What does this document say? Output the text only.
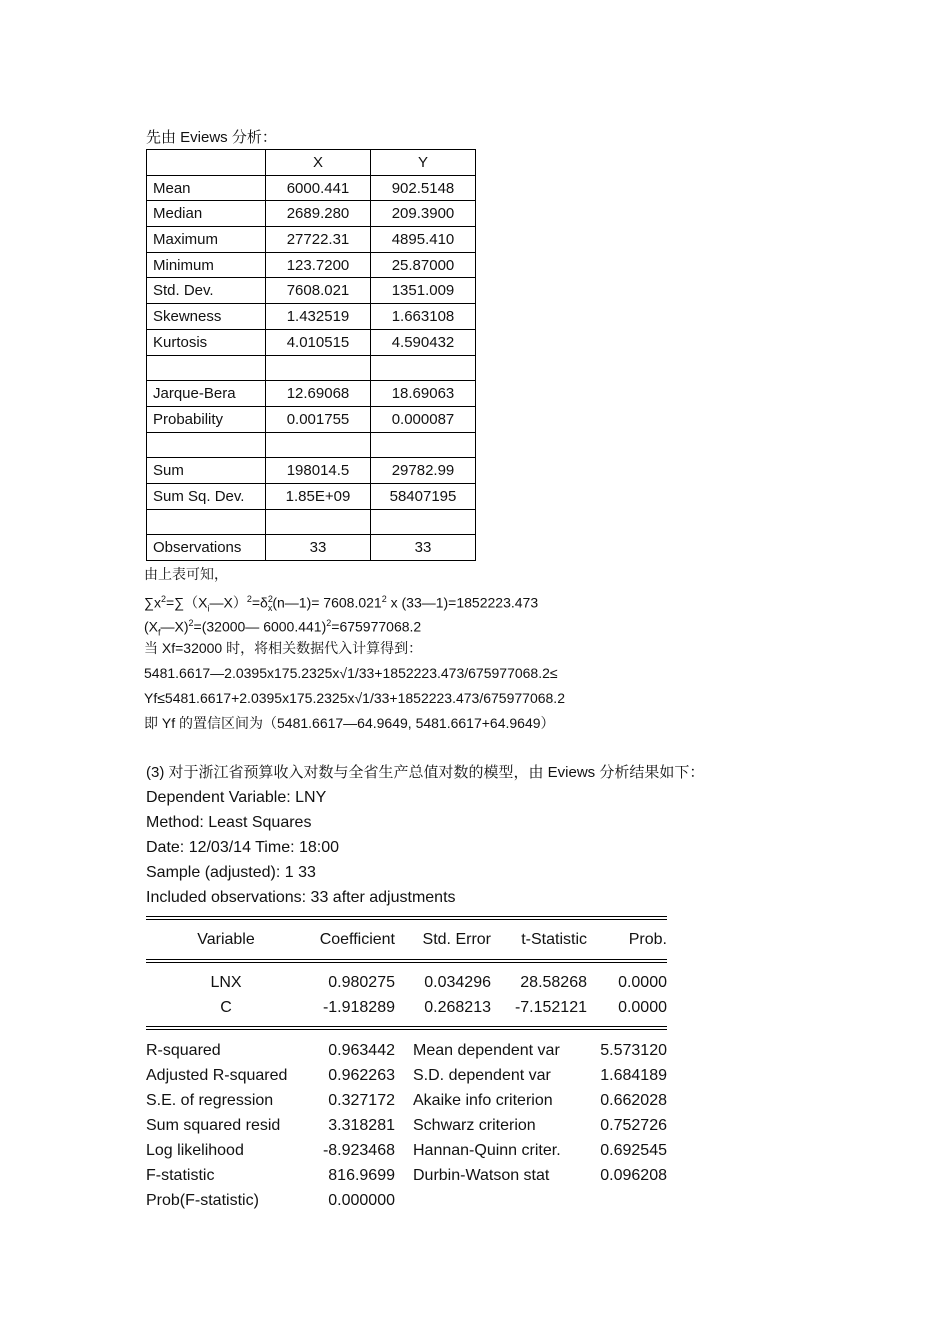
先由 Eviews 分析：
	X	Y
Mean	6000.441	902.5148
Median	2689.280	209.3900
Maximum	27722.31	4895.410
Minimum	123.7200	25.87000
Std. Dev.	7608.021	1351.009
Skewness	1.432519	1.663108
Kurtosis	4.010515	4.590432

Jarque-Bera	12.69068	18.69063
Probability	0.001755	0.000087

Sum	198014.5	29782.99
Sum Sq. Dev.	1.85E+09	58407195

Observations	33	33
由上表可知，
$\sum x^2=\sum(X_i—X)^2=\delta^2_x(n—1)= 7608.021^2$ x (33—1)=1852223.473
$(X_f—X)^2=(32000—$ 6000.441)$^2$=675977068.2
当 Xf=32000 时，将相关数据代入计算得到：
5481.6617—2.0395x175.2325x√1/33+1852223.473/675977068.2≤
Yf≤5481.6617+2.0395x175.2325x√1/33+1852223.473/675977068.2
即 Yf 的置信区间为（5481.6617—64.9649, 5481.6617+64.9649）
(3) 对于浙江省预算收入对数与全省生产总值对数的模型，由 Eviews 分析结果如下：
Dependent Variable: LNY
Method: Least Squares
Date: 12/03/14 Time: 18:00
Sample (adjusted): 1 33
Included observations: 33 after adjustments
Variable	Coefficient	Std. Error	t-Statistic	Prob.
LNX	0.980275	0.034296	28.58268	0.0000
C	-1.918289	0.268213	-7.152121	0.0000
R-squared	0.963442 Mean dependent var	5.573120
Adjusted R-squared	0.962263 S.D. dependent var	1.684189
S.E. of regression	0.327172 Akaike info criterion	0.662028
Sum squared resid	3.318281 Schwarz criterion	0.752726
Log likelihood	-8.923468 Hannan-Quinn criter.	0.692545
F-statistic	816.9699 Durbin-Watson stat	0.096208
Prob(F-statistic)	0.000000
